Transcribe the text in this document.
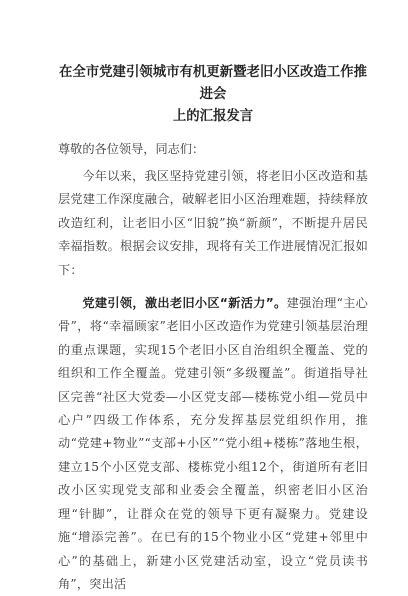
在全市党建引领城市有机更新暨老旧小区改造工作推进会
上的汇报发言
尊敬的各位领导，同志们：

今年以来，我区坚持党建引领，将老旧小区改造和基层党建工作深度融合，破解老旧小区治理难题，持续释放改造红利，让老旧小区“旧貌”换“新颜”，不断提升居民幸福指数。根据会议安排，现将有关工作进展情况汇报如下：

党建引领，激出老旧小区“新活力”。建强治理“主心骨”，将“幸福顾家”老旧小区改造作为党建引领基层治理的重点课题，实现15个老旧小区自治组织全覆盖、党的组织和工作全覆盖。党建引领“多级覆盖”。街道指导社区完善“社区大党委—小区党支部—楼栋党小组—党员中心户”四级工作体系，充分发挥基层党组织作用，推动“党建+物业”“支部+小区”“党小组+楼栋”落地生根，建立15个小区党支部、楼栋党小组12个，街道所有老旧改小区实现党支部和业委会全覆盖，织密老旧小区治理“针脚”，让群众在党的领导下更有凝聚力。党建设施“增添完善”。在已有的15个物业小区“党建+邻里中心”的基础上，新建小区党建活动室，设立“党员读书角”，突出活
